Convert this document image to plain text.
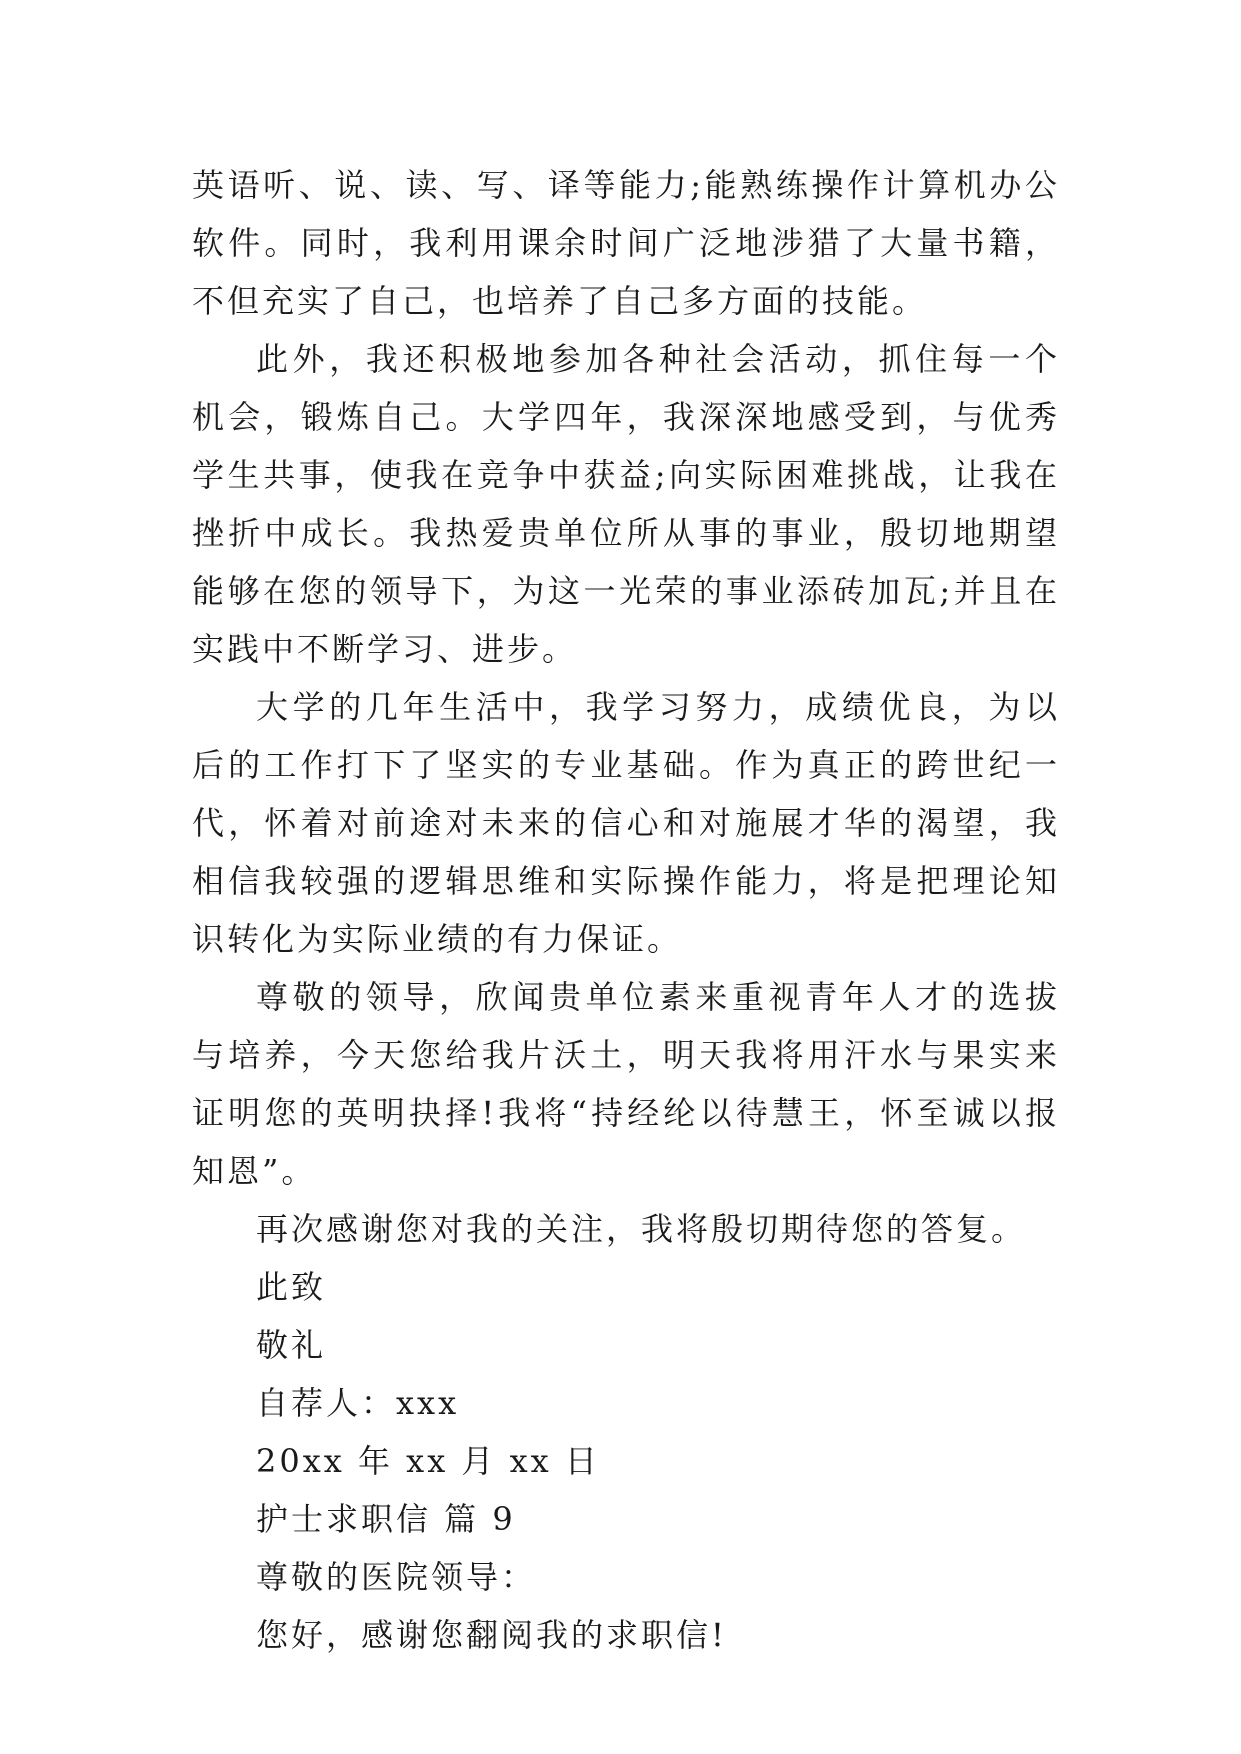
英语听、说、读、写、译等能力;能熟练操作计算机办公软件。同时，我利用课余时间广泛地涉猎了大量书籍，不但充实了自己，也培养了自己多方面的技能。

此外，我还积极地参加各种社会活动，抓住每一个机会，锻炼自己。大学四年，我深深地感受到，与优秀学生共事，使我在竞争中获益;向实际困难挑战，让我在挫折中成长。我热爱贵单位所从事的事业，殷切地期望能够在您的领导下，为这一光荣的事业添砖加瓦;并且在实践中不断学习、进步。

大学的几年生活中，我学习努力，成绩优良，为以后的工作打下了坚实的专业基础。作为真正的跨世纪一代，怀着对前途对未来的信心和对施展才华的渴望，我相信我较强的逻辑思维和实际操作能力，将是把理论知识转化为实际业绩的有力保证。

尊敬的领导，欣闻贵单位素来重视青年人才的选拔与培养，今天您给我片沃土，明天我将用汗水与果实来证明您的英明抉择!我将“持经纶以待慧王，怀至诚以报知恩”。

再次感谢您对我的关注，我将殷切期待您的答复。

此致

敬礼

自荐人：xxx

20xx 年 xx 月 xx 日

护士求职信 篇 9

尊敬的医院领导：

您好，感谢您翻阅我的求职信!
